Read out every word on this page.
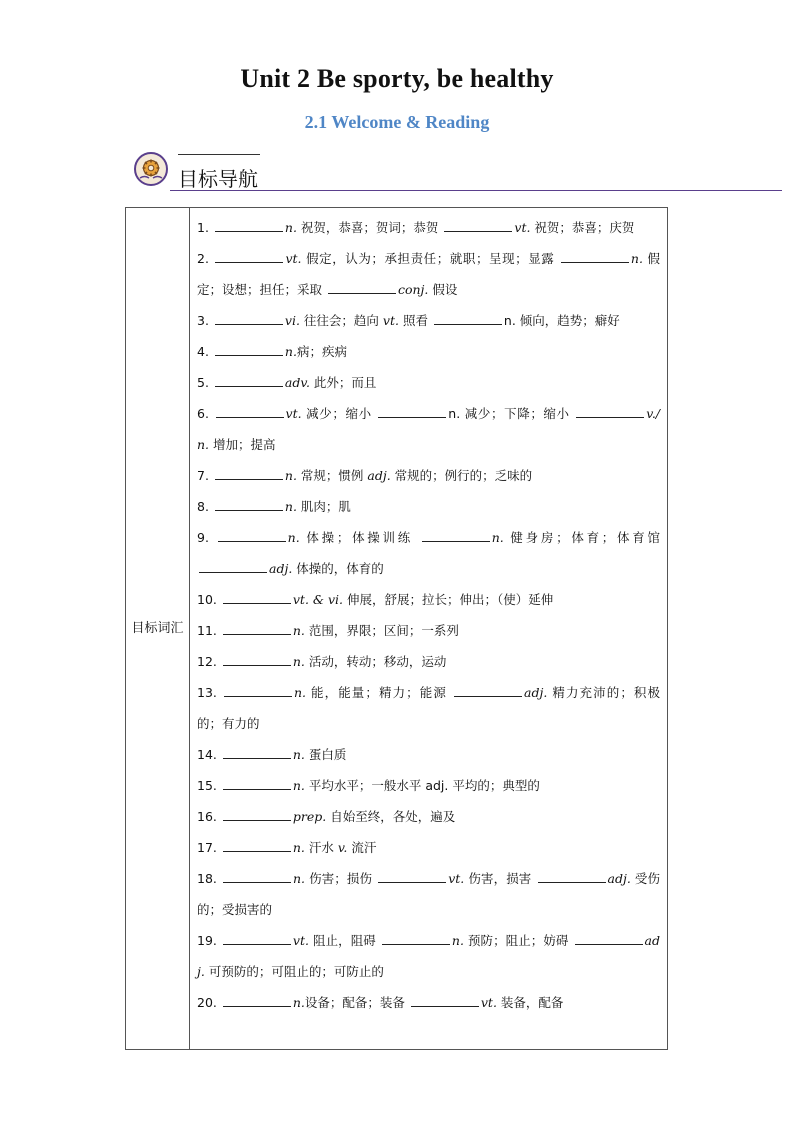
Unit 2 Be sporty, be healthy
2.1 Welcome & Reading
目标导航
目标词汇	
1.	n. 祝贺，恭喜；贺词；恭贺	vt. 祝贺；恭喜；庆贺
2.	vt. 假定，认为；承担责任；就职；呈现；显露	n. 假定；设想；担任；采取	conj. 假设
3.	vi. 往往会；趋向 vt. 照看	n. 倾向，趋势；癖好
4.	n.病；疾病
5.	adv. 此外；而且
6.	vt. 减少；缩小	n. 减少；下降；缩小	v./n. 增加；提高
7.	n. 常规；惯例 adj. 常规的；例行的；乏味的
8.	n. 肌肉；肌
9.	n. 体操；体操训练	n. 健身房；体育；体育馆 adj. 体操的，体育的
10.	vt. & vi. 伸展，舒展；拉长；伸出；（使）延伸
11.	n. 范围，界限；区间；一系列
12.	n. 活动，转动；移动，运动
13.	n. 能，能量；精力；能源	adj. 精力充沛的；积极的；有力的
14.	n. 蛋白质
15.	n. 平均水平；一般水平 adj. 平均的；典型的
16.	prep. 自始至终，各处，遍及
17.	n. 汗水 v. 流汗
18.	n. 伤害；损伤	vt. 伤害，损害	adj. 受伤的；受损害的
19.	vt. 阻止，阻碍	n. 预防；阻止；妨碍	adj. 可预防的；可阻止的；可防止的
20.	n.设备；配备；装备	vt. 装备，配备
